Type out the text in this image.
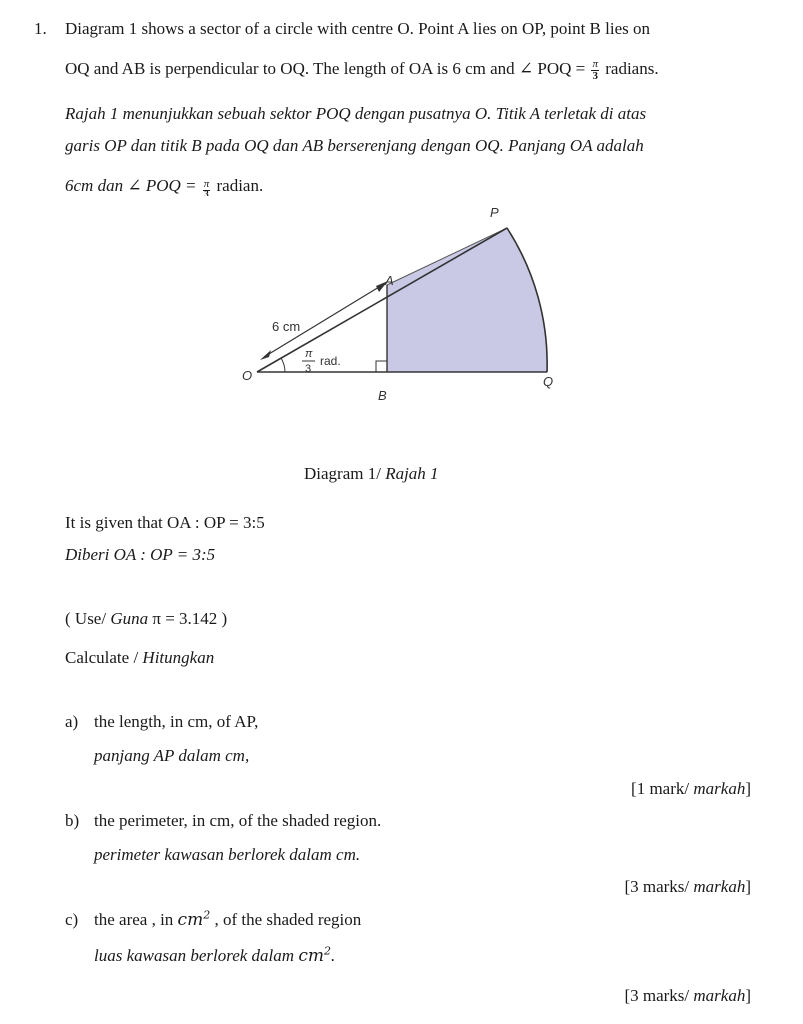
1. Diagram 1 shows a sector of a circle with centre O. Point A lies on OP, point B lies on
OQ and AB is perpendicular to OQ. The length of OA is 6 cm and ∠ POQ = $\frac{\pi}{3}$ radians.
Rajah 1 menunjukkan sebuah sektor POQ dengan pusatnya O. Titik A terletak di atas
garis OP dan titik B pada OQ dan AB berserenjang dengan OQ. Panjang OA adalah
6cm dan ∠ POQ = $\frac{\pi}{3}$ radian.
P
A
O
B
Q
6 cm
π
3
rad.
Diagram 1/ Rajah 1
It is given that OA : OP = 3:5
Diberi OA : OP = 3:5
( Use/ Guna π = 3.142 )
Calculate / Hitungkan
a) the length, in cm, of AP,
panjang AP dalam cm,
[1 mark/ markah]
b) the perimeter, in cm, of the shaded region.
perimeter kawasan berlorek dalam cm.
[3 marks/ markah]
c) the area , in $cm^2$ , of the shaded region
luas kawasan berlorek dalam $cm^2$.
[3 marks/ markah]
